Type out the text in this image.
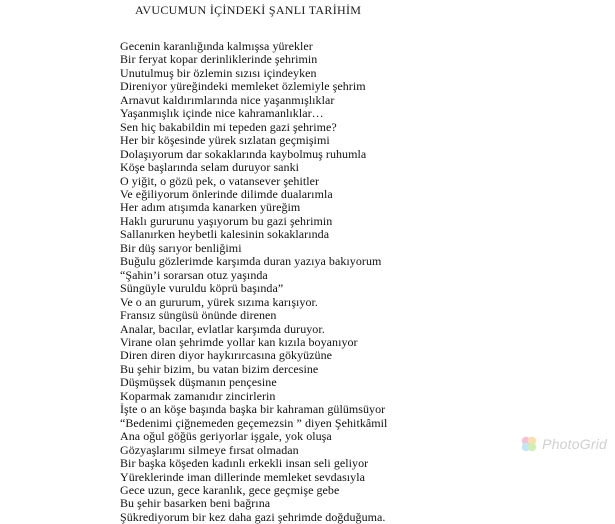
AVUCUMUN İÇİNDEKİ ŞANLI TARİHİM
Gecenin karanlığında kalmışsa yürekler
Bir feryat kopar derinliklerinde şehrimin
Unutulmuş bir özlemin sızısı içindeyken
Direniyor yüreğindeki memleket özlemiyle şehrim
Arnavut kaldırımlarında nice yaşanmışlıklar
Yaşanmışlık içinde nice kahramanlıklar…
Sen hiç bakabildin mi tepeden gazi şehrime?
Her bir köşesinde yürek sızlatan geçmişimi
Dolaşıyorum dar sokaklarında kaybolmuş ruhumla
Köşe başlarında selam duruyor sanki
O yiğit, o gözü pek, o vatansever şehitler
Ve eğiliyorum önlerinde dilimde dualarımla
Her adım atışımda kanarken yüreğim
Haklı gururunu yaşıyorum bu gazi şehrimin
Sallanırken heybetli kalesinin sokaklarında
Bir düş sarıyor benliğimi
Buğulu gözlerimde karşımda duran yazıya bakıyorum
“Şahin’i sorarsan otuz yaşında
Süngüyle vuruldu köprü başında”
Ve o an gururum, yürek sızıma karışıyor.
Fransız süngüsü önünde direnen
Analar, bacılar, evlatlar karşımda duruyor.
Virane olan şehrimde yollar kan kızıla boyanıyor
Diren diren diyor haykırırcasına gökyüzüne
Bu şehir bizim, bu vatan bizim dercesine
Düşmüşsek düşmanın pençesine
Koparmak zamanıdır zincirlerin
İşte o an köşe başında başka bir kahraman gülümsüyor
“Bedenimi çiğnemeden geçemezsin ” diyen Şehitkâmil
Ana oğul göğüs geriyorlar işgale, yok oluşa
Gözyaşlarımı silmeye fırsat olmadan
Bir başka köşeden kadınlı erkekli insan seli geliyor
Yüreklerinde iman dillerinde memleket sevdasıyla
Gece uzun, gece karanlık, gece geçmişe gebe
Bu şehir basarken beni bağrına
Şükrediyorum bir kez daha gazi şehrimde doğduğuma.
PhotoGrid
